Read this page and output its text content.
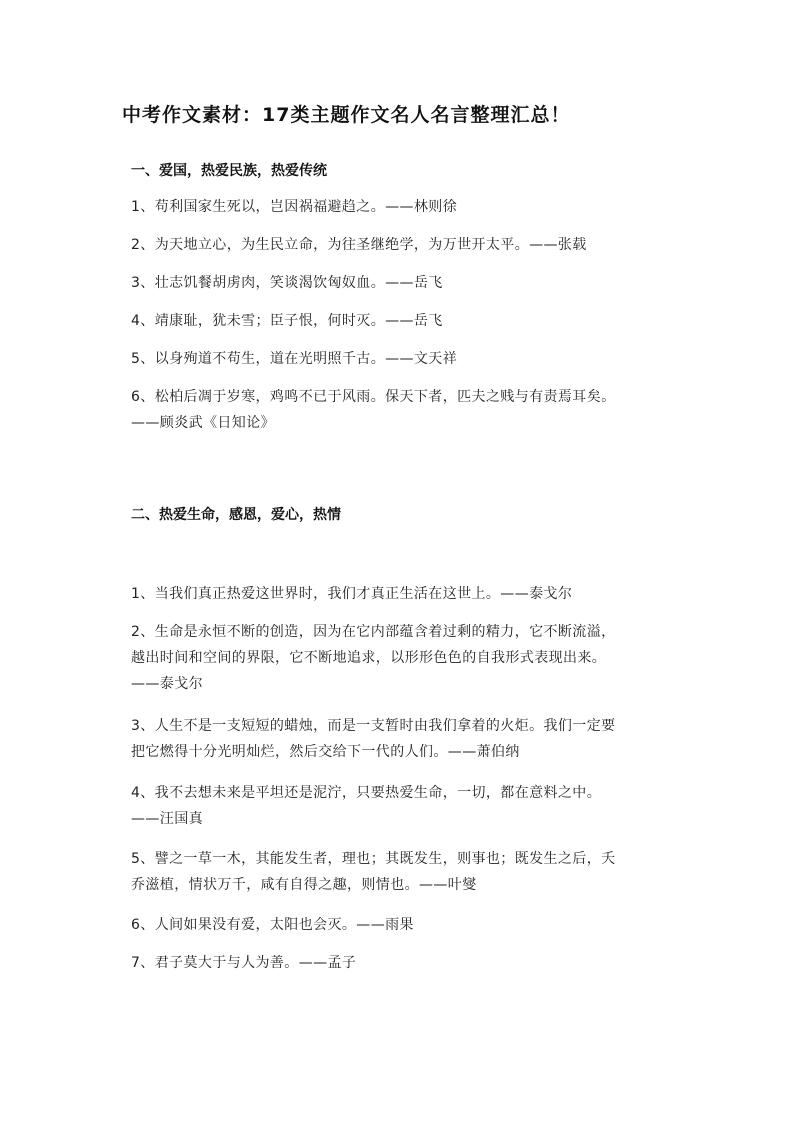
中考作文素材：17类主题作文名人名言整理汇总！
一、爱国，热爱民族，热爱传统
1、苟利国家生死以，岂因祸福避趋之。——林则徐
2、为天地立心，为生民立命，为往圣继绝学，为万世开太平。——张载
3、壮志饥餐胡虏肉，笑谈渴饮匈奴血。——岳飞
4、靖康耻，犹未雪；臣子恨，何时灭。——岳飞
5、以身殉道不苟生，道在光明照千古。——文天祥
6、松柏后凋于岁寒，鸡鸣不已于风雨。保天下者，匹夫之贱与有责焉耳矣。
——顾炎武《日知论》
二、热爱生命，感恩，爱心，热情
1、当我们真正热爱这世界时，我们才真正生活在这世上。——泰戈尔
2、生命是永恒不断的创造，因为在它内部蕴含着过剩的精力，它不断流溢，
越出时间和空间的界限，它不断地追求，以形形色色的自我形式表现出来。
——泰戈尔
3、人生不是一支短短的蜡烛，而是一支暂时由我们拿着的火炬。我们一定要
把它燃得十分光明灿烂，然后交给下一代的人们。——萧伯纳
4、我不去想未来是平坦还是泥泞，只要热爱生命，一切，都在意料之中。
——汪国真
5、譬之一草一木，其能发生者，理也；其既发生，则事也；既发生之后，夭
乔滋植，情状万千，咸有自得之趣，则情也。——叶燮
6、人间如果没有爱，太阳也会灭。——雨果
7、君子莫大于与人为善。——孟子
